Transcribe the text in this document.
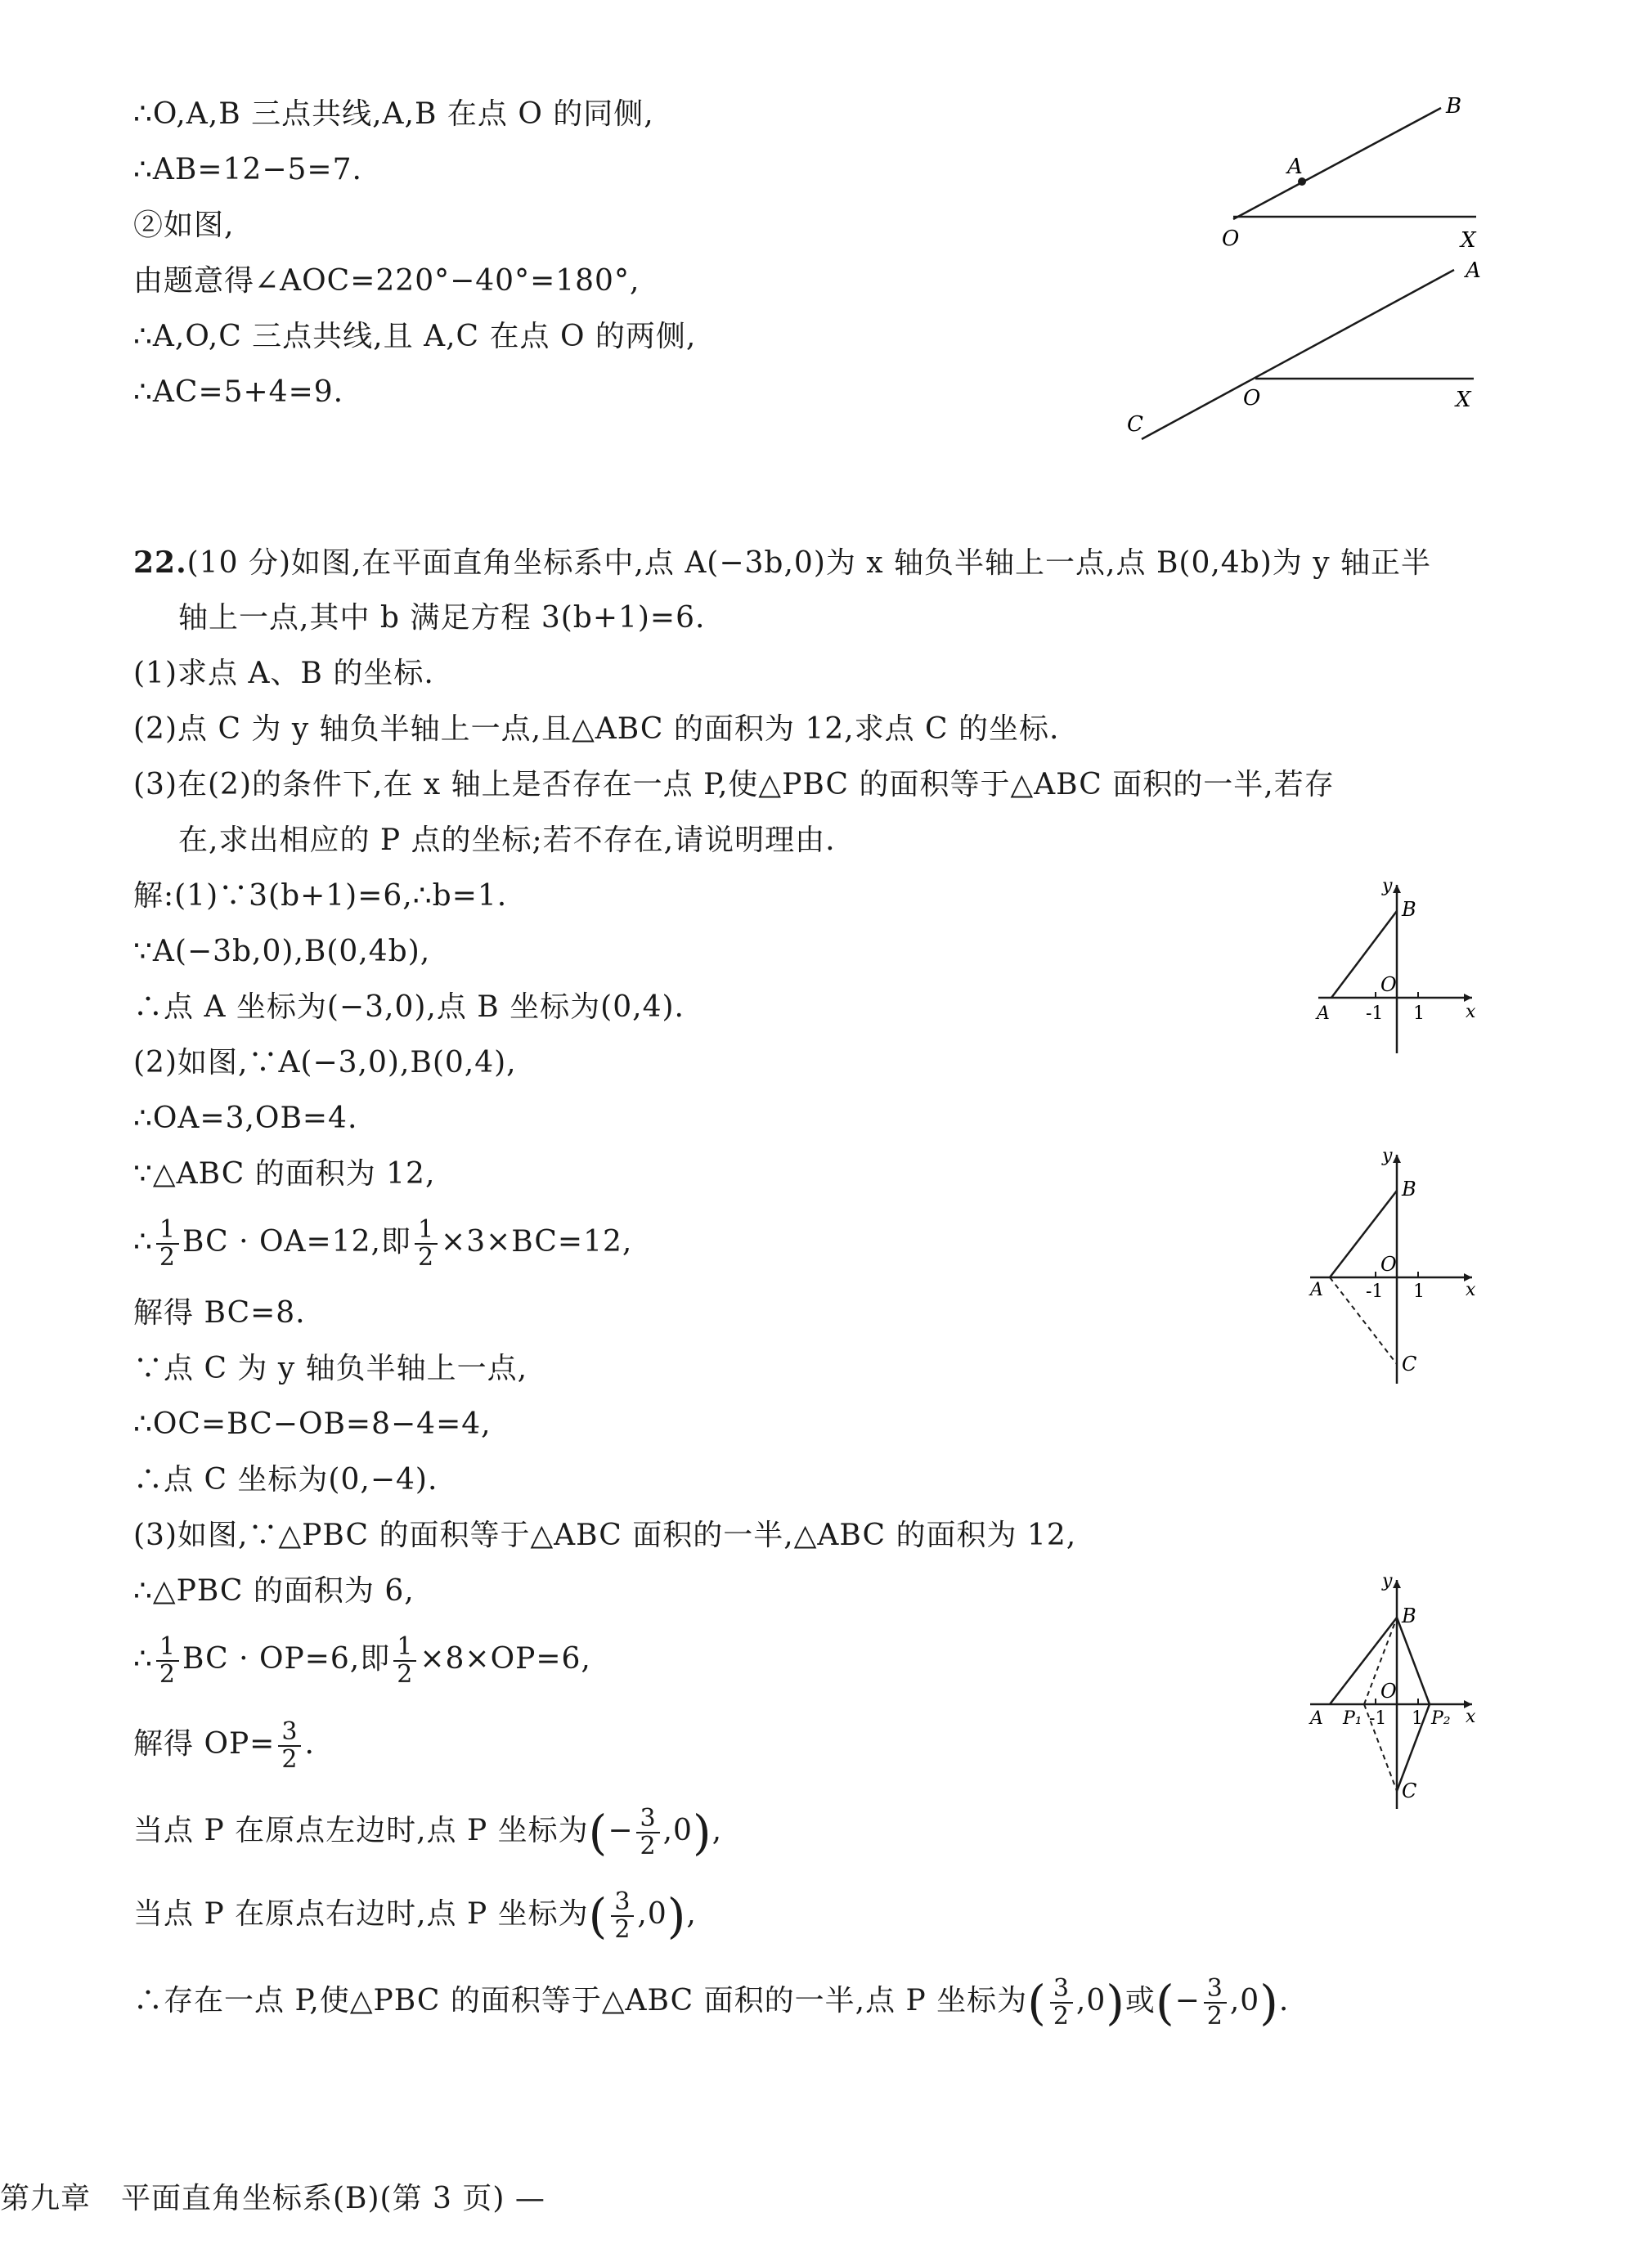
∴O,A,B 三点共线,A,B 在点 O 的同侧,
∴AB=12−5=7.
②如图,
由题意得∠AOC=220°−40°=180°,
∴A,O,C 三点共线,且 A,C 在点 O 的两侧,
∴AC=5+4=9.
B
A
O	X
A
O	X
C
22.(10 分)如图,在平面直角坐标系中,点 A(−3b,0)为 x 轴负半轴上一点,点 B(0,4b)为 y 轴正半
轴上一点,其中 b 满足方程 3(b+1)=6.
(1)求点 A、B 的坐标.
(2)点 C 为 y 轴负半轴上一点,且△ABC 的面积为 12,求点 C 的坐标.
(3)在(2)的条件下,在 x 轴上是否存在一点 P,使△PBC 的面积等于△ABC 面积的一半,若存
在,求出相应的 P 点的坐标;若不存在,请说明理由.
解:(1)∵3(b+1)=6,∴b=1.
∵A(−3b,0),B(0,4b),
∴点 A 坐标为(−3,0),点 B 坐标为(0,4).
(2)如图,∵A(−3,0),B(0,4),
∴OA=3,OB=4.
∵△ABC 的面积为 12,
∴ $\frac{1}{2}$ BC · OA=12,即 $\frac{1}{2} \times 3\times BC=12$,
解得 BC=8.
∵点 C 为 y 轴负半轴上一点,
∴OC=BC−OB=8−4=4,
∴点 C 坐标为(0,−4).
(3)如图,∵△PBC 的面积等于△ABC 面积的一半,△ABC 的面积为 12,
∴△PBC 的面积为 6,
∴ $\frac{1}{2}$ BC · OP=6,即 $\frac{1}{2} \times 8\times OP=6$,
解得 $OP= \frac{3}{2}$ .
当点 P 在原点左边时,点 P 坐标为(− $\frac{3}{2} ,0$),
当点 P 在原点右边时,点 P 坐标为( $\frac{3}{2} ,0$),
∴存在一点 P,使△PBC 的面积等于△ABC 面积的一半,点 P 坐标为( $\frac{3}{2} ,0$)或(− $\frac{3}{2} ,0$).
y
B
O
A -1 1 x
y
B
O
A -1 1 x
C
y
B
O
A P₁ -1 1 P₂ x
C
第九章　平面直角坐标系(B)(第 3 页) —
